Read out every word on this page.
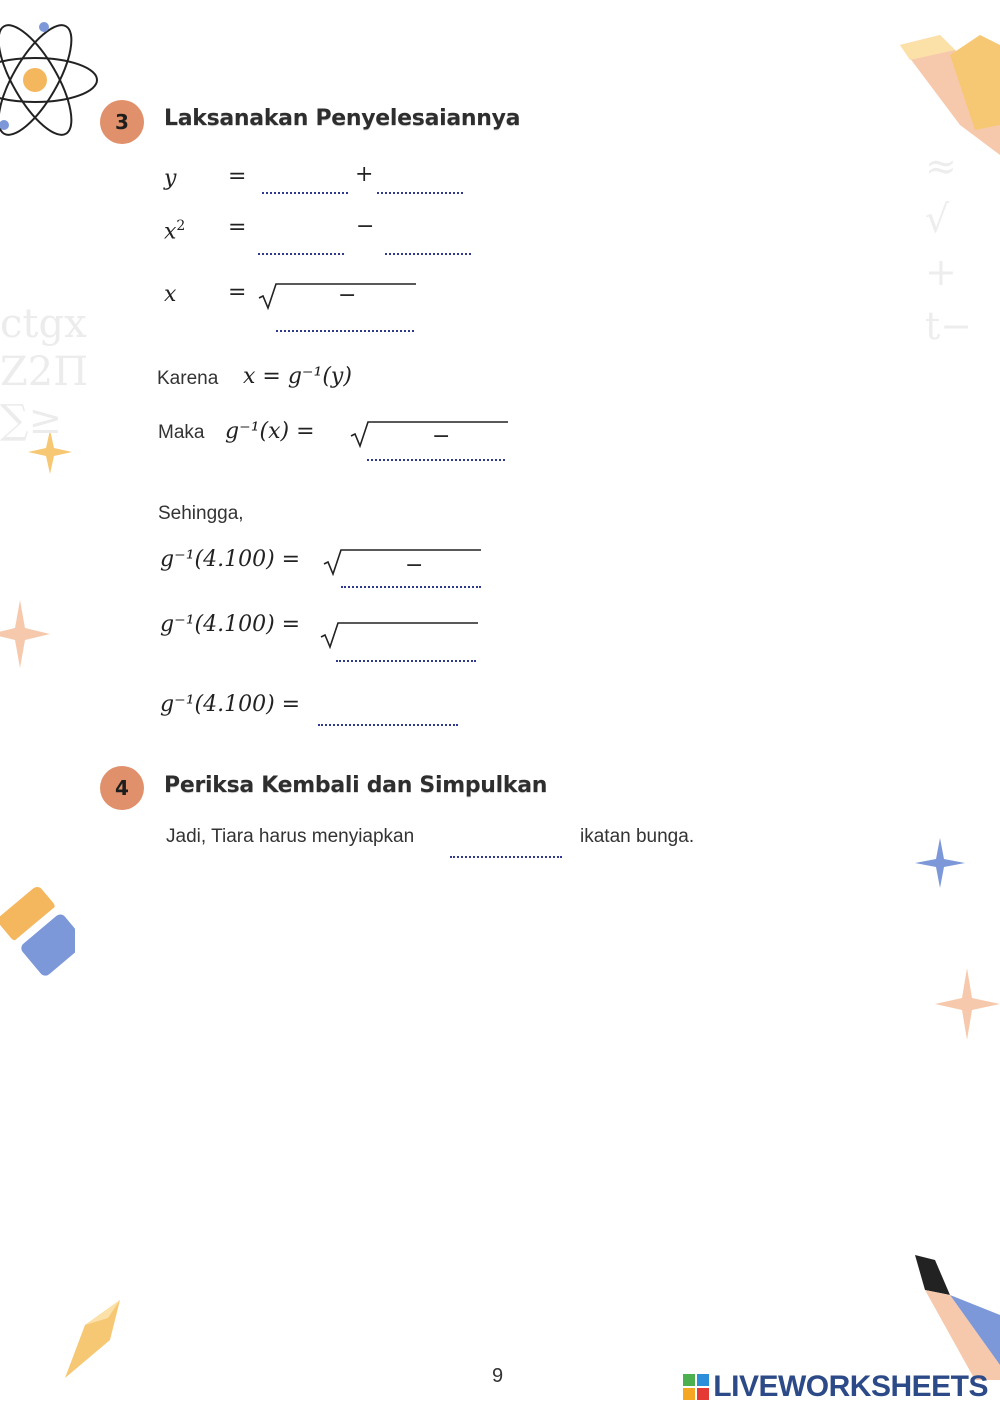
ctgx
Z2Π
∑≥
≈
√
+
t−
3	Laksanakan Penyelesaiannya
y =	+
$x^2$ =	−
x =	−
Karena x = g⁻¹(y)
Maka g⁻¹(x) =	−
Sehingga,
g⁻¹(4.100) =	−
g⁻¹(4.100) =
g⁻¹(4.100) =
4	Periksa Kembali dan Simpulkan
Jadi, Tiara harus menyiapkan	ikatan bunga.
9	LIVEWORKSHEETS
